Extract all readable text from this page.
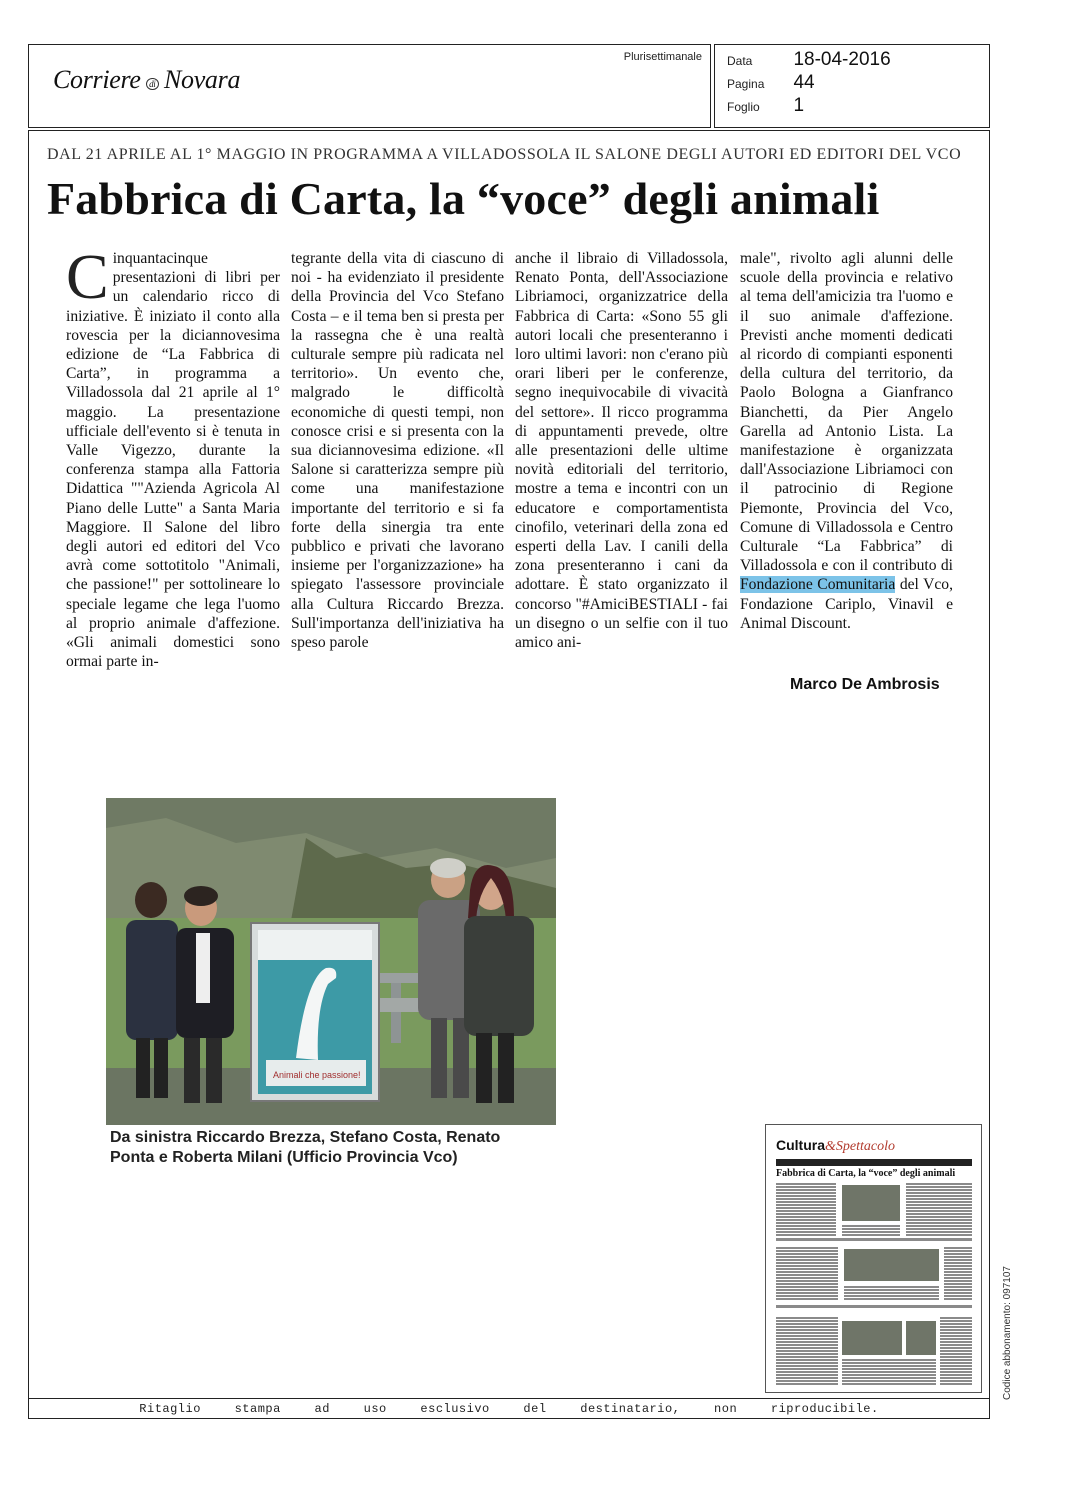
Corriere di Novara
Plurisettimanale Data 18-04-2016
Pagina 44
Foglio 1
DAL 21 APRILE AL 1° MAGGIO IN PROGRAMMA A VILLADOSSOLA IL SALONE DEGLI AUTORI ED EDITORI DEL VCO
Fabbrica di Carta, la “voce” degli animali
C inquantacinque presentazioni di libri per un calendario ricco di iniziative. È iniziato il conto alla rovescia per la diciannovesima edizione de “La Fabbrica di Carta”, in programma a Villadossola dal 21 aprile al 1° maggio. La presentazione ufficiale dell'evento si è tenuta in Valle Vigezzo, durante la conferenza stampa alla Fattoria Didattica ""Azienda Agricola Al Piano delle Lutte" a Santa Maria Maggiore. Il Salone del libro degli autori ed editori del Vco avrà come sottotitolo "Animali, che passione!" per sottolineare lo speciale legame che lega l'uomo al proprio animale d'affezione. «Gli animali domestici sono ormai parte in-
tegrante della vita di ciascuno di noi - ha evidenziato il presidente della Provincia del Vco Stefano Costa – e il tema ben si presta per la rassegna che è una realtà culturale sempre più radicata nel territorio». Un evento che, malgrado le difficoltà economiche di questi tempi, non conosce crisi e si presenta con la sua diciannovesima edizione. «Il Salone si caratterizza sempre più come una manifestazione importante del territorio e si fa forte della sinergia tra ente pubblico e privati che lavorano insieme per l'organizzazione» ha spiegato l'assessore provinciale alla Cultura Riccardo Brezza. Sull'importanza dell'iniziativa ha speso parole
anche il libraio di Villadossola, Renato Ponta, dell'Associazione Libriamoci, organizzatrice della Fabbrica di Carta: «Sono 55 gli autori locali che presenteranno i loro ultimi lavori: non c'erano più orari liberi per le conferenze, segno inequivocabile di vivacità del settore». Il ricco programma di appuntamenti prevede, oltre alle presentazioni delle ultime novità editoriali del territorio, mostre a tema e incontri con un educatore e comportamentista cinofilo, veterinari della zona ed esperti della Lav. I canili della zona presenteranno i cani da adottare. È stato organizzato il concorso "#AmiciBESTIALI - fai un disegno o un selfie con il tuo amico ani-
male", rivolto agli alunni delle scuole della provincia e relativo al tema dell'amicizia tra l'uomo e il suo animale d'affezione. Previsti anche momenti dedicati al ricordo di compianti esponenti della cultura del territorio, da Paolo Bologna a Gianfranco Bianchetti, da Pier Angelo Garella ad Antonio Lista. La manifestazione è organizzata dall'Associazione Libriamoci con il patrocinio di Regione Piemonte, Provincia del Vco, Comune di Villadossola e Centro Culturale “La Fabbrica” di Villadossola e con il contributo di Fondazione Comunitaria del Vco, Fondazione Cariplo, Vinavil e Animal Discount.
Marco De Ambrosis
Animali che passione!
Da sinistra Riccardo Brezza, Stefano Costa, Renato
Ponta e Roberta Milani (Ufficio Provincia Vco)
Cultura&Spettacolo
Fabbrica di Carta, la “voce” degli animali
Ritaglio stampa ad uso esclusivo del destinatario, non riproducibile.
Codice abbonamento: 097107
